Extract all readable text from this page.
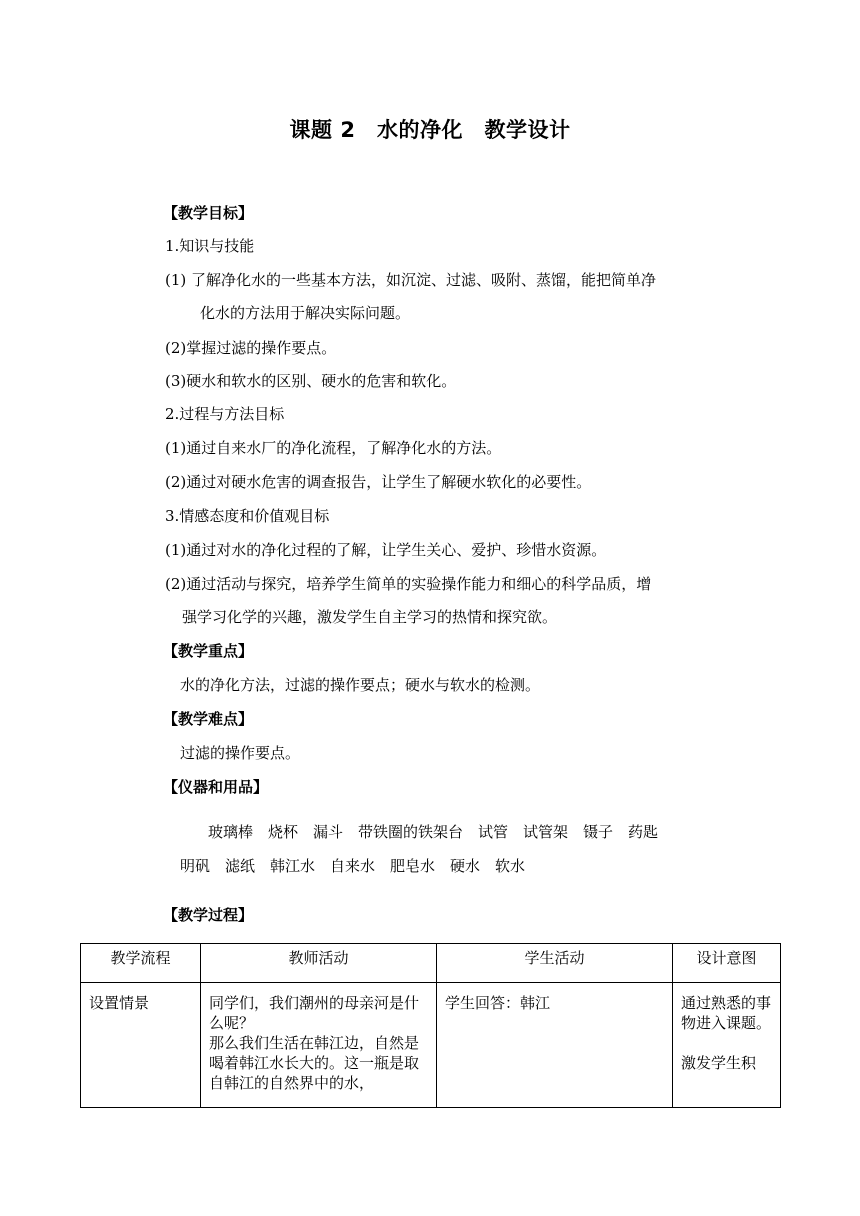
课题 2　水的净化　教学设计
【教学目标】
1.知识与技能
(1) 了解净化水的一些基本方法，如沉淀、过滤、吸附、蒸馏，能把简单净
化水的方法用于解决实际问题。
(2)掌握过滤的操作要点。
(3)硬水和软水的区别、硬水的危害和软化。
2.过程与方法目标
(1)通过自来水厂的净化流程，了解净化水的方法。
(2)通过对硬水危害的调查报告，让学生了解硬水软化的必要性。
3.情感态度和价值观目标
(1)通过对水的净化过程的了解，让学生关心、爱护、珍惜水资源。
(2)通过活动与探究，培养学生简单的实验操作能力和细心的科学品质，增
强学习化学的兴趣，激发学生自主学习的热情和探究欲。
【教学重点】
水的净化方法，过滤的操作要点；硬水与软水的检测。
【教学难点】
过滤的操作要点。
【仪器和用品】
玻璃棒　烧杯　漏斗　带铁圈的铁架台　试管　试管架　镊子　药匙
明矾　滤纸　韩江水　自来水　肥皂水　硬水　软水
【教学过程】
教学流程	教师活动	学生活动	设计意图
设置情景	同学们，我们潮州的母亲河是什么呢？
那么我们生活在韩江边，自然是喝着韩江水长大的。这一瓶是取自韩江的自然界中的水，	学生回答：韩江	通过熟悉的事物进入课题。

激发学生积
